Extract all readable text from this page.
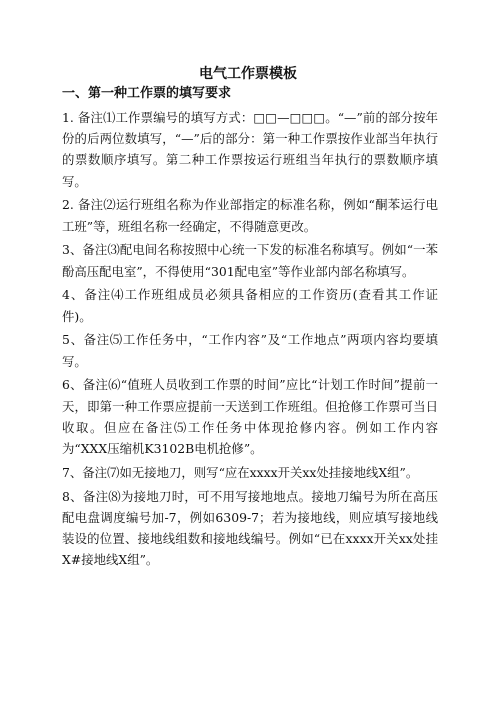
电气工作票模板
一、第一种工作票的填写要求

1. 备注⑴工作票编号的填写方式：□□—□□□。“—”前的部分按年份的后两位数填写，“—”后的部分：第一种工作票按作业部当年执行的票数顺序填写。第二种工作票按运行班组当年执行的票数顺序填写。

2. 备注⑵运行班组名称为作业部指定的标准名称，例如“酮苯运行电工班”等，班组名称一经确定，不得随意更改。

3、备注⑶配电间名称按照中心统一下发的标准名称填写。例如“一苯酚高压配电室”，不得使用“301配电室”等作业部内部名称填写。

4、备注⑷工作班组成员必须具备相应的工作资历(查看其工作证件)。

5、备注⑸工作任务中，“工作内容”及“工作地点”两项内容均要填写。

6、备注⑹“值班人员收到工作票的时间”应比“计划工作时间”提前一天，即第一种工作票应提前一天送到工作班组。但抢修工作票可当日收取。但应在备注⑸工作任务中体现抢修内容。例如工作内容为“XXX压缩机K3102B电机抢修”。

7、备注⑺如无接地刀，则写“应在xxxx开关xx处挂接地线X组”。

8、备注⑻为接地刀时，可不用写接地地点。接地刀编号为所在高压配电盘调度编号加-7，例如6309-7；若为接地线，则应填写接地线装设的位置、接地线组数和接地线编号。例如“已在xxxx开关xx处挂X#接地线X组”。
